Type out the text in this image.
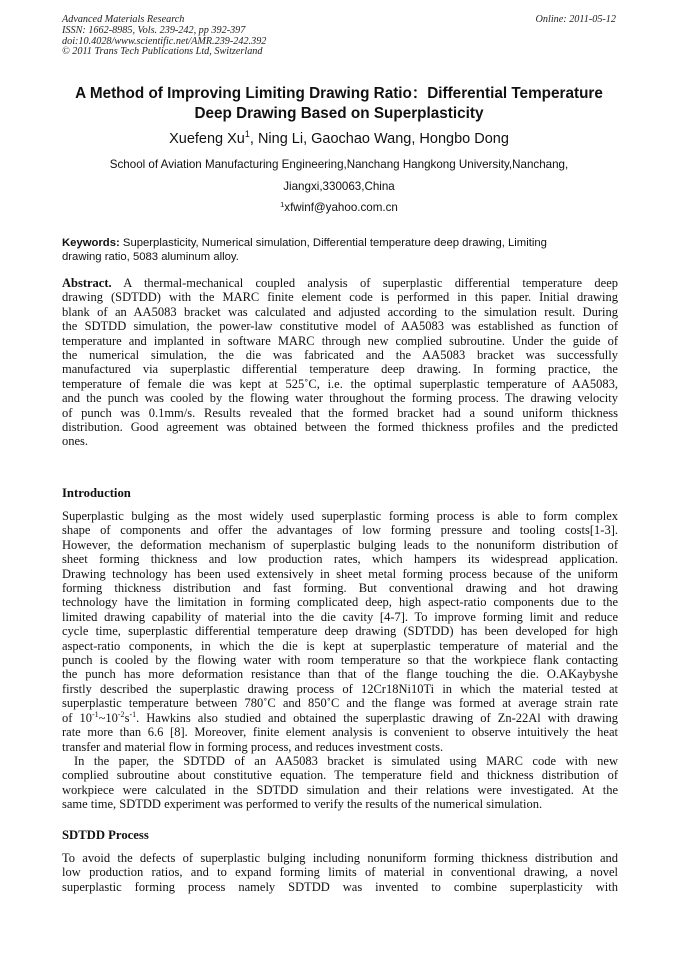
Advanced Materials Research
ISSN: 1662-8985, Vols. 239-242, pp 392-397
doi:10.4028/www.scientific.net/AMR.239-242.392
© 2011 Trans Tech Publications Ltd, Switzerland
Online: 2011-05-12
A Method of Improving Limiting Drawing Ratio：Differential Temperature
Deep Drawing Based on Superplasticity
Xuefeng Xu$^1$, Ning Li, Gaochao Wang, Hongbo Dong
School of Aviation Manufacturing Engineering,Nanchang Hangkong University,Nanchang,
Jiangxi,330063,China
$^1$xfwinf@yahoo.com.cn
Keywords: Superplasticity, Numerical simulation, Differential temperature deep drawing, Limiting
drawing ratio, 5083 aluminum alloy.
Abstract. A thermal-mechanical coupled analysis of superplastic differential temperature deep
drawing (SDTDD) with the MARC finite element code is performed in this paper. Initial drawing
blank of an AA5083 bracket was calculated and adjusted according to the simulation result. During
the SDTDD simulation, the power-law constitutive model of AA5083 was established as function of
temperature and implanted in software MARC through new complied subroutine. Under the guide of
the numerical simulation, the die was fabricated and the AA5083 bracket was successfully
manufactured via superplastic differential temperature deep drawing. In forming practice, the
temperature of female die was kept at 525˚C, i.e. the optimal superplastic temperature of AA5083,
and the punch was cooled by the flowing water throughout the forming process. The drawing velocity
of punch was 0.1mm/s. Results revealed that the formed bracket had a sound uniform thickness
distribution. Good agreement was obtained between the formed thickness profiles and the predicted
ones.
Introduction
Superplastic bulging as the most widely used superplastic forming process is able to form complex
shape of components and offer the advantages of low forming pressure and tooling costs[1-3].
However, the deformation mechanism of superplastic bulging leads to the nonuniform distribution of
sheet forming thickness and low production rates, which hampers its widespread application.
Drawing technology has been used extensively in sheet metal forming process because of the uniform
forming thickness distribution and fast forming. But conventional drawing and hot drawing
technology have the limitation in forming complicated deep, high aspect-ratio components due to the
limited drawing capability of material into the die cavity [4-7]. To improve forming limit and reduce
cycle time, superplastic differential temperature deep drawing (SDTDD) has been developed for high
aspect-ratio components, in which the die is kept at superplastic temperature of material and the
punch is cooled by the flowing water with room temperature so that the workpiece flank contacting
the punch has more deformation resistance than that of the flange touching the die. O.AKaybyshe
firstly described the superplastic drawing process of 12Cr18Ni10Ti in which the material tested at
superplastic temperature between 780˚C and 850˚C and the flange was formed at average strain rate
of $10^{-1}\sim 10^{-2}s^{-1}$. Hawkins also studied and obtained the superplastic drawing of Zn-22Al with drawing
rate more than 6.6 [8]. Moreover, finite element analysis is convenient to observe intuitively the heat
transfer and material flow in forming process, and reduces investment costs.
In the paper, the SDTDD of an AA5083 bracket is simulated using MARC code with new
complied subroutine about constitutive equation. The temperature field and thickness distribution of
workpiece were calculated in the SDTDD simulation and their relations were investigated. At the
same time, SDTDD experiment was performed to verify the results of the numerical simulation.
SDTDD Process
To avoid the defects of superplastic bulging including nonuniform forming thickness distribution and
low production ratios, and to expand forming limits of material in conventional drawing, a novel
superplastic forming process namely SDTDD was invented to combine superplasticity with
